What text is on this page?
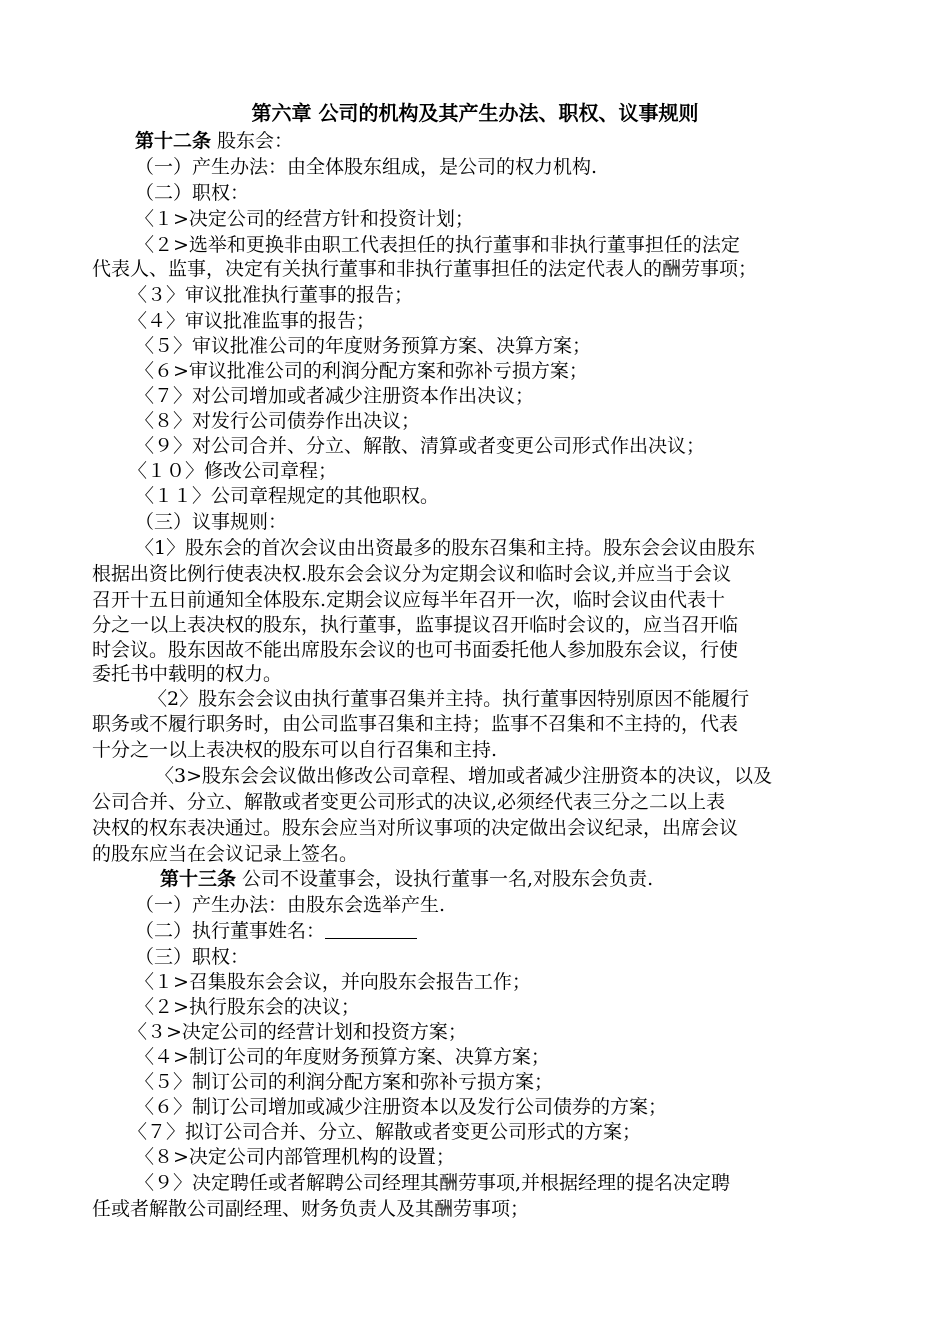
第六章 公司的机构及其产生办法、职权、议事规则
第十二条 股东会：
（一）产生办法：由全体股东组成，是公司的权力机构.
（二）职权：
〈１>决定公司的经营方针和投资计划；
〈２>选举和更换非由职工代表担任的执行董事和非执行董事担任的法定
代表人、监事，决定有关执行董事和非执行董事担任的法定代表人的酬劳事项；
〈３〉审议批准执行董事的报告；
〈４〉审议批准监事的报告；
〈５〉审议批准公司的年度财务预算方案、决算方案；
〈６>审议批准公司的利润分配方案和弥补亏损方案；
〈７〉对公司增加或者减少注册资本作出决议；
〈８〉对发行公司债券作出决议；
〈９〉对公司合并、分立、解散、清算或者变更公司形式作出决议；
〈１０〉修改公司章程；
〈１１〉公司章程规定的其他职权。
（三）议事规则：
〈1〉股东会的首次会议由出资最多的股东召集和主持。股东会会议由股东
根据出资比例行使表决权.股东会会议分为定期会议和临时会议,并应当于会议
召开十五日前通知全体股东.定期会议应每半年召开一次，临时会议由代表十
分之一以上表决权的股东，执行董事，监事提议召开临时会议的，应当召开临
时会议。股东因故不能出席股东会议的也可书面委托他人参加股东会议，行使
委托书中载明的权力。
〈2〉股东会会议由执行董事召集并主持。执行董事因特别原因不能履行
职务或不履行职务时，由公司监事召集和主持；监事不召集和不主持的，代表
十分之一以上表决权的股东可以自行召集和主持.
〈3>股东会会议做出修改公司章程、增加或者减少注册资本的决议，以及
公司合并、分立、解散或者变更公司形式的决议,必须经代表三分之二以上表
决权的权东表决通过。股东会应当对所议事项的决定做出会议纪录，出席会议
的股东应当在会议记录上签名。
第十三条 公司不设董事会，设执行董事一名,对股东会负责.
（一）产生办法：由股东会选举产生.
（二）执行董事姓名：
（三）职权：
〈１>召集股东会会议，并向股东会报告工作；
〈２>执行股东会的决议；
〈３>决定公司的经营计划和投资方案；
〈４>制订公司的年度财务预算方案、决算方案；
〈５〉制订公司的利润分配方案和弥补亏损方案；
〈６〉制订公司增加或减少注册资本以及发行公司债券的方案；
〈７〉拟订公司合并、分立、解散或者变更公司形式的方案；
〈８>决定公司内部管理机构的设置；
〈９〉决定聘任或者解聘公司经理其酬劳事项,并根据经理的提名决定聘
任或者解散公司副经理、财务负责人及其酬劳事项；
